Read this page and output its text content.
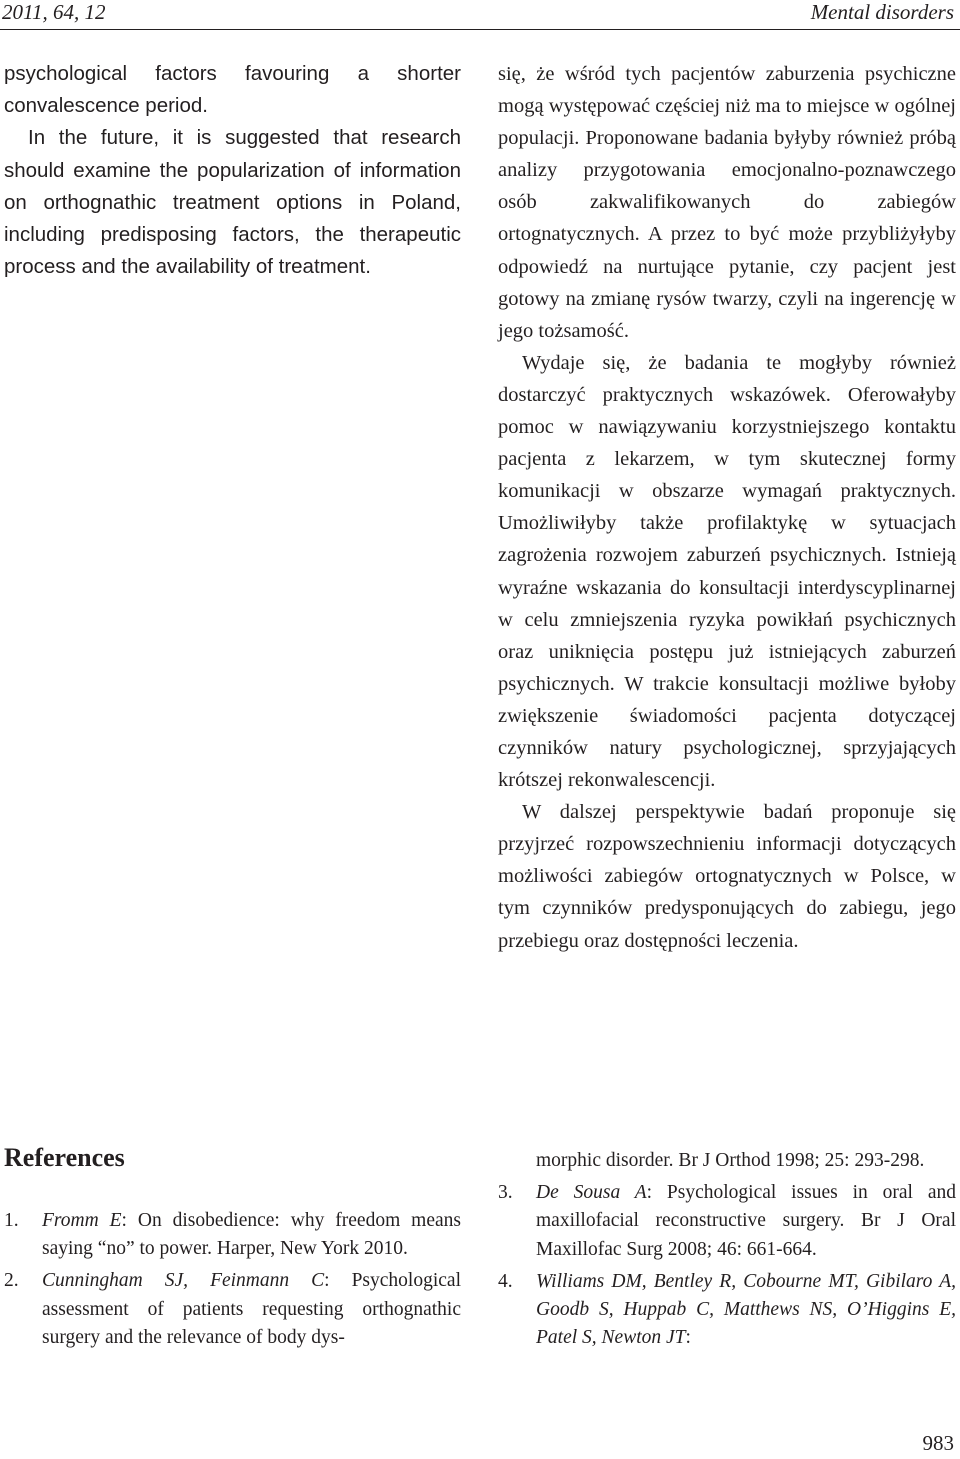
2011, 64, 12	Mental disorders

psychological factors favouring a shorter convalescence period.

In the future, it is suggested that research should examine the popularization of information on orthognathic treatment options in Poland, including predisposing factors, the therapeutic process and the availability of treatment.

się, że wśród tych pacjentów zaburzenia psychiczne mogą występować częściej niż ma to miejsce w ogólnej populacji. Proponowane badania byłyby również próbą analizy przygotowania emocjonalno-poznawczego osób zakwalifikowanych do zabiegów ortognatycznych. A przez to być może przybliżyłyby odpowiedź na nurtujące pytanie, czy pacjent jest gotowy na zmianę rysów twarzy, czyli na ingerencję w jego tożsamość.

Wydaje się, że badania te mogłyby również dostarczyć praktycznych wskazówek. Oferowałyby pomoc w nawiązywaniu korzystniejszego kontaktu pacjenta z lekarzem, w tym skutecznej formy komunikacji w obszarze wymagań praktycznych. Umożliwiłyby także profilaktykę w sytuacjach zagrożenia rozwojem zaburzeń psychicznych. Istnieją wyraźne wskazania do konsultacji interdyscyplinarnej w celu zmniejszenia ryzyka powikłań psychicznych oraz uniknięcia postępu już istniejących zaburzeń psychicznych. W trakcie konsultacji możliwe byłoby zwiększenie świadomości pacjenta dotyczącej czynników natury psychologicznej, sprzyjających krótszej rekonwalescencji.

W dalszej perspektywie badań proponuje się przyjrzeć rozpowszechnieniu informacji dotyczących możliwości zabiegów ortognatycznych w Polsce, w tym czynników predysponujących do zabiegu, jego przebiegu oraz dostępności leczenia.

References
1. Fromm E: On disobedience: why freedom means saying “no” to power. Harper, New York 2010.
2. Cunningham SJ, Feinmann C: Psychological assessment of patients requesting orthognathic surgery and the relevance of body dys-
morphic disorder. Br J Orthod 1998; 25: 293-298.
3. De Sousa A: Psychological issues in oral and maxillofacial reconstructive surgery. Br J Oral Maxillofac Surg 2008; 46: 661-664.
4. Williams DM, Bentley R, Cobourne MT, Gibilaro A, Goodb S, Huppab C, Matthews NS, O’Higgins E, Patel S, Newton JT:
983
